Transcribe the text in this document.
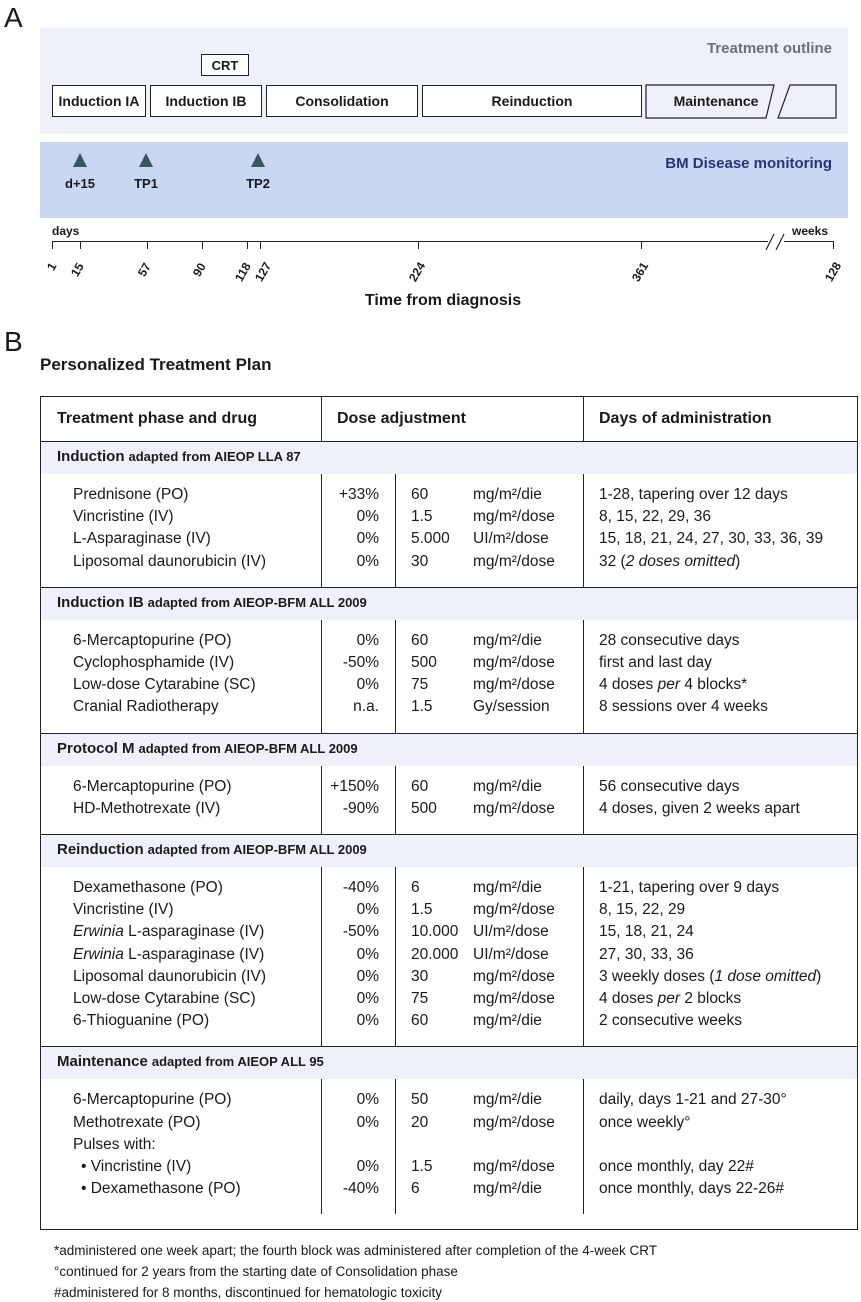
A
Treatment outline
CRT
Induction IA	Induction IB	Consolidation	Reinduction	Maintenance
BM Disease monitoring
d+15	TP1	TP2
days	weeks
1 15	57	90 118
127	224	361	128
Time from diagnosis
B
Personalized Treatment Plan
Treatment phase and drug	Dose adjustment	Days of administration
Induction adapted from AIEOP LLA 87
Prednisone (PO)	+33% 60	mg/m²/die	1-28, tapering over 12 days
Vincristine (IV)	0% 1.5	mg/m²/dose	8, 15, 22, 29, 36
L-Asparaginase (IV)	0% 5.000 UI/m²/dose	15, 18, 21, 24, 27, 30, 33, 36, 39
Liposomal daunorubicin (IV)	0% 30	mg/m²/dose	32 (2 doses omitted)
Induction IB adapted from AIEOP-BFM ALL 2009
6-Mercaptopurine (PO)	0% 60	mg/m²/die	28 consecutive days
Cyclophosphamide (IV)	-50% 500 mg/m²/dose	first and last day
Low-dose Cytarabine (SC)	0% 75	mg/m²/dose	4 doses per 4 blocks*
Cranial Radiotherapy	n.a. 1.5	Gy/session	8 sessions over 4 weeks
Protocol M adapted from AIEOP-BFM ALL 2009
6-Mercaptopurine (PO)	+150% 60	mg/m²/die	56 consecutive days
HD-Methotrexate (IV)	-90% 500 mg/m²/dose	4 doses, given 2 weeks apart
Reinduction adapted from AIEOP-BFM ALL 2009
Dexamethasone (PO)	-40% 6	mg/m²/die	1-21, tapering over 9 days
Vincristine (IV)	0% 1.5	mg/m²/dose	8, 15, 22, 29
Erwinia L-asparaginase (IV)	-50% 10.000 UI/m²/dose	15, 18, 21, 24
Erwinia L-asparaginase (IV)	0% 20.000 UI/m²/dose	27, 30, 33, 36
Liposomal daunorubicin (IV)	0% 30	mg/m²/dose	3 weekly doses (1 dose omitted)
Low-dose Cytarabine (SC)	0% 75	mg/m²/dose	4 doses per 2 blocks
6-Thioguanine (PO)	0% 60	mg/m²/die	2 consecutive weeks
Maintenance adapted from AIEOP ALL 95
6-Mercaptopurine (PO)	0% 50	mg/m²/die	daily, days 1-21 and 27-30°
Methotrexate (PO)	0% 20	mg/m²/dose	once weekly°
Pulses with:
• Vincristine (IV)	0% 1.5	mg/m²/dose	once monthly, day 22#
• Dexamethasone (PO)	-40% 6	mg/m²/die	once monthly, days 22-26#
*administered one week apart; the fourth block was administered after completion of the 4-week CRT
°continued for 2 years from the starting date of Consolidation phase
#administered for 8 months, discontinued for hematologic toxicity
